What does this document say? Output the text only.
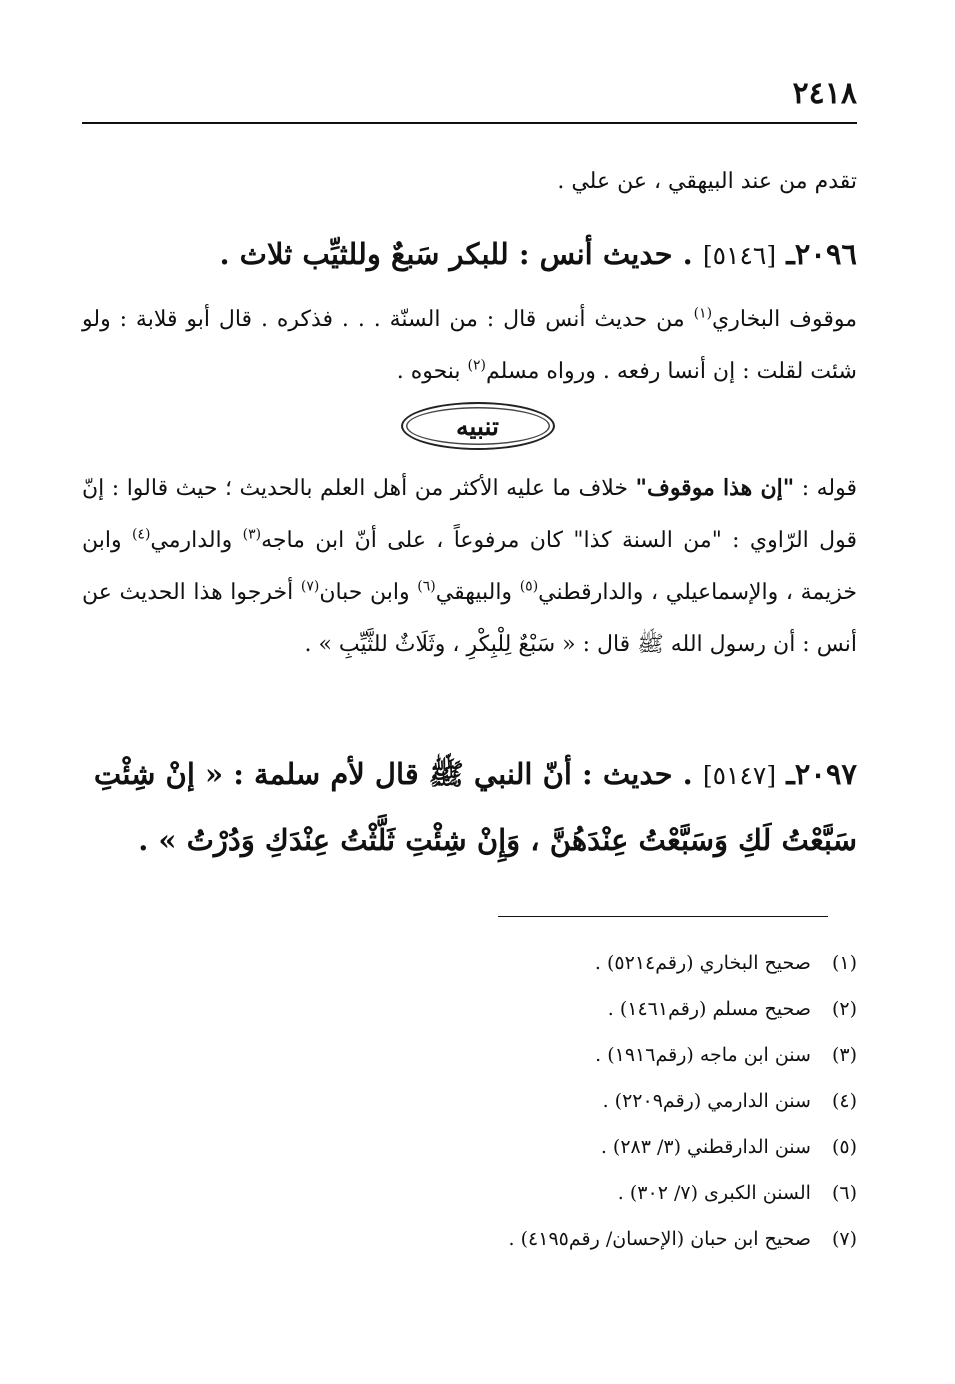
٢٤١٨
تقدم من عند البيهقي ، عن علي .
٢٠٩٦ـ [٥١٤٦] . حديث أنس : للبكر سَبعٌ وللثيِّب ثلاث .
موقوف البخاري$^{(١)}$ من حديث أنس قال : من السنّة . . . فذكره . قال أبو قلابة : ولو شئت لقلت : إن أنسا رفعه . ورواه مسلم$^{(٢)}$ بنحوه .
تنبيه
قوله : "إن هذا موقوف" خلاف ما عليه الأكثر من أهل العلم بالحديث ؛ حيث قالوا : إنّ قول الرّاوي : "من السنة كذا" كان مرفوعاً ، على أنّ ابن ماجه$^{(٣)}$ والدارمي$^{(٤)}$ وابن خزيمة ، والإسماعيلي ، والدارقطني$^{(٥)}$ والبيهقي$^{(٦)}$ وابن حبان$^{(٧)}$ أخرجوا هذا الحديث عن أنس : أن رسول الله ﷺ قال : « سَبْعٌ لِلْبِكْرِ ، وثَلَاثٌ للثَّيِّبِ » .
٢٠٩٧ـ [٥١٤٧] . حديث : أنّ النبي ﷺ قال لأم سلمة : « إنْ شِئْتِ سَبَّعْتُ لَكِ وَسَبَّعْتُ عِنْدَهُنَّ ، وَإِنْ شِئْتِ ثَلَّثْتُ عِنْدَكِ وَدُرْتُ » .
(١) صحيح البخاري (رقم٥٢١٤) .
(٢) صحيح مسلم (رقم١٤٦١) .
(٣) سنن ابن ماجه (رقم١٩١٦) .
(٤) سنن الدارمي (رقم٢٢٠٩) .
(٥) سنن الدارقطني (٣/ ٢٨٣) .
(٦) السنن الكبرى (٧/ ٣٠٢) .
(٧) صحيح ابن حبان (الإحسان/ رقم٤١٩٥) .
